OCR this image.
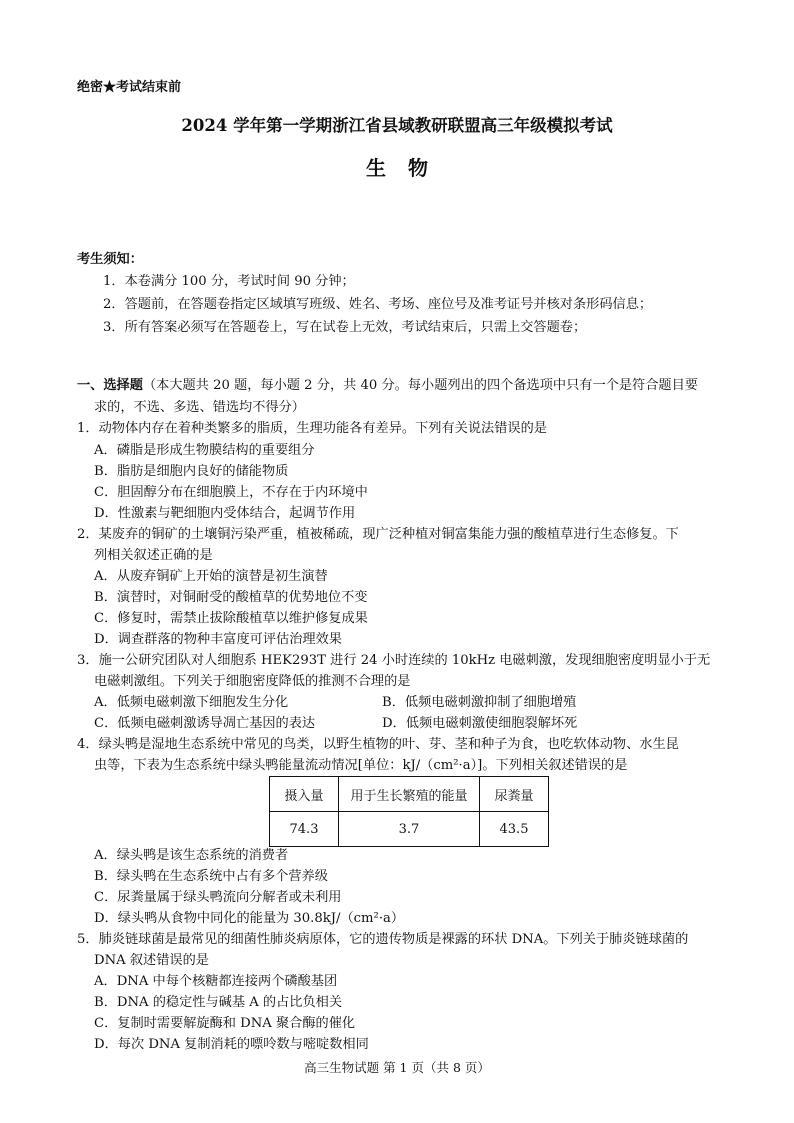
绝密★考试结束前
2024 学年第一学期浙江省县域教研联盟高三年级模拟考试
生物
考生须知：
1．本卷满分 100 分，考试时间 90 分钟；
2．答题前，在答题卷指定区域填写班级、姓名、考场、座位号及准考证号并核对条形码信息；
3．所有答案必须写在答题卷上，写在试卷上无效，考试结束后，只需上交答题卷；
一、选择题（本大题共 20 题，每小题 2 分，共 40 分。每小题列出的四个备选项中只有一个是符合题目要
求的，不选、多选、错选均不得分）
1．动物体内存在着种类繁多的脂质，生理功能各有差异。下列有关说法错误的是
A．磷脂是形成生物膜结构的重要组分
B．脂肪是细胞内良好的储能物质
C．胆固醇分布在细胞膜上，不存在于内环境中
D．性激素与靶细胞内受体结合，起调节作用
2．某废弃的铜矿的土壤铜污染严重，植被稀疏，现广泛种植对铜富集能力强的酸植草进行生态修复。下
列相关叙述正确的是
A．从废弃铜矿上开始的演替是初生演替
B．演替时，对铜耐受的酸植草的优势地位不变
C．修复时，需禁止拔除酸植草以维护修复成果
D．调查群落的物种丰富度可评估治理效果
3．施一公研究团队对人细胞系 HEK293T 进行 24 小时连续的 10kHz 电磁刺激，发现细胞密度明显小于无
电磁刺激组。下列关于细胞密度降低的推测不合理的是
A．低频电磁刺激下细胞发生分化	B．低频电磁刺激抑制了细胞增殖
C．低频电磁刺激诱导凋亡基因的表达	D．低频电磁刺激使细胞裂解坏死
4．绿头鸭是湿地生态系统中常见的鸟类，以野生植物的叶、芽、茎和种子为食，也吃软体动物、水生昆
虫等，下表为生态系统中绿头鸭能量流动情况[单位：kJ/（cm²·a）]。下列相关叙述错误的是
摄入量	用于生长繁殖的能量	尿粪量
74.3	3.7	43.5
A．绿头鸭是该生态系统的消费者
B．绿头鸭在生态系统中占有多个营养级
C．尿粪量属于绿头鸭流向分解者或未利用
D．绿头鸭从食物中同化的能量为 30.8kJ/（cm²·a）
5．肺炎链球菌是最常见的细菌性肺炎病原体，它的遗传物质是裸露的环状 DNA。下列关于肺炎链球菌的
DNA 叙述错误的是
A．DNA 中每个核糖都连接两个磷酸基团
B．DNA 的稳定性与碱基 A 的占比负相关
C．复制时需要解旋酶和 DNA 聚合酶的催化
D．每次 DNA 复制消耗的嘌呤数与嘧啶数相同
高三生物试题 第 1 页（共 8 页）
